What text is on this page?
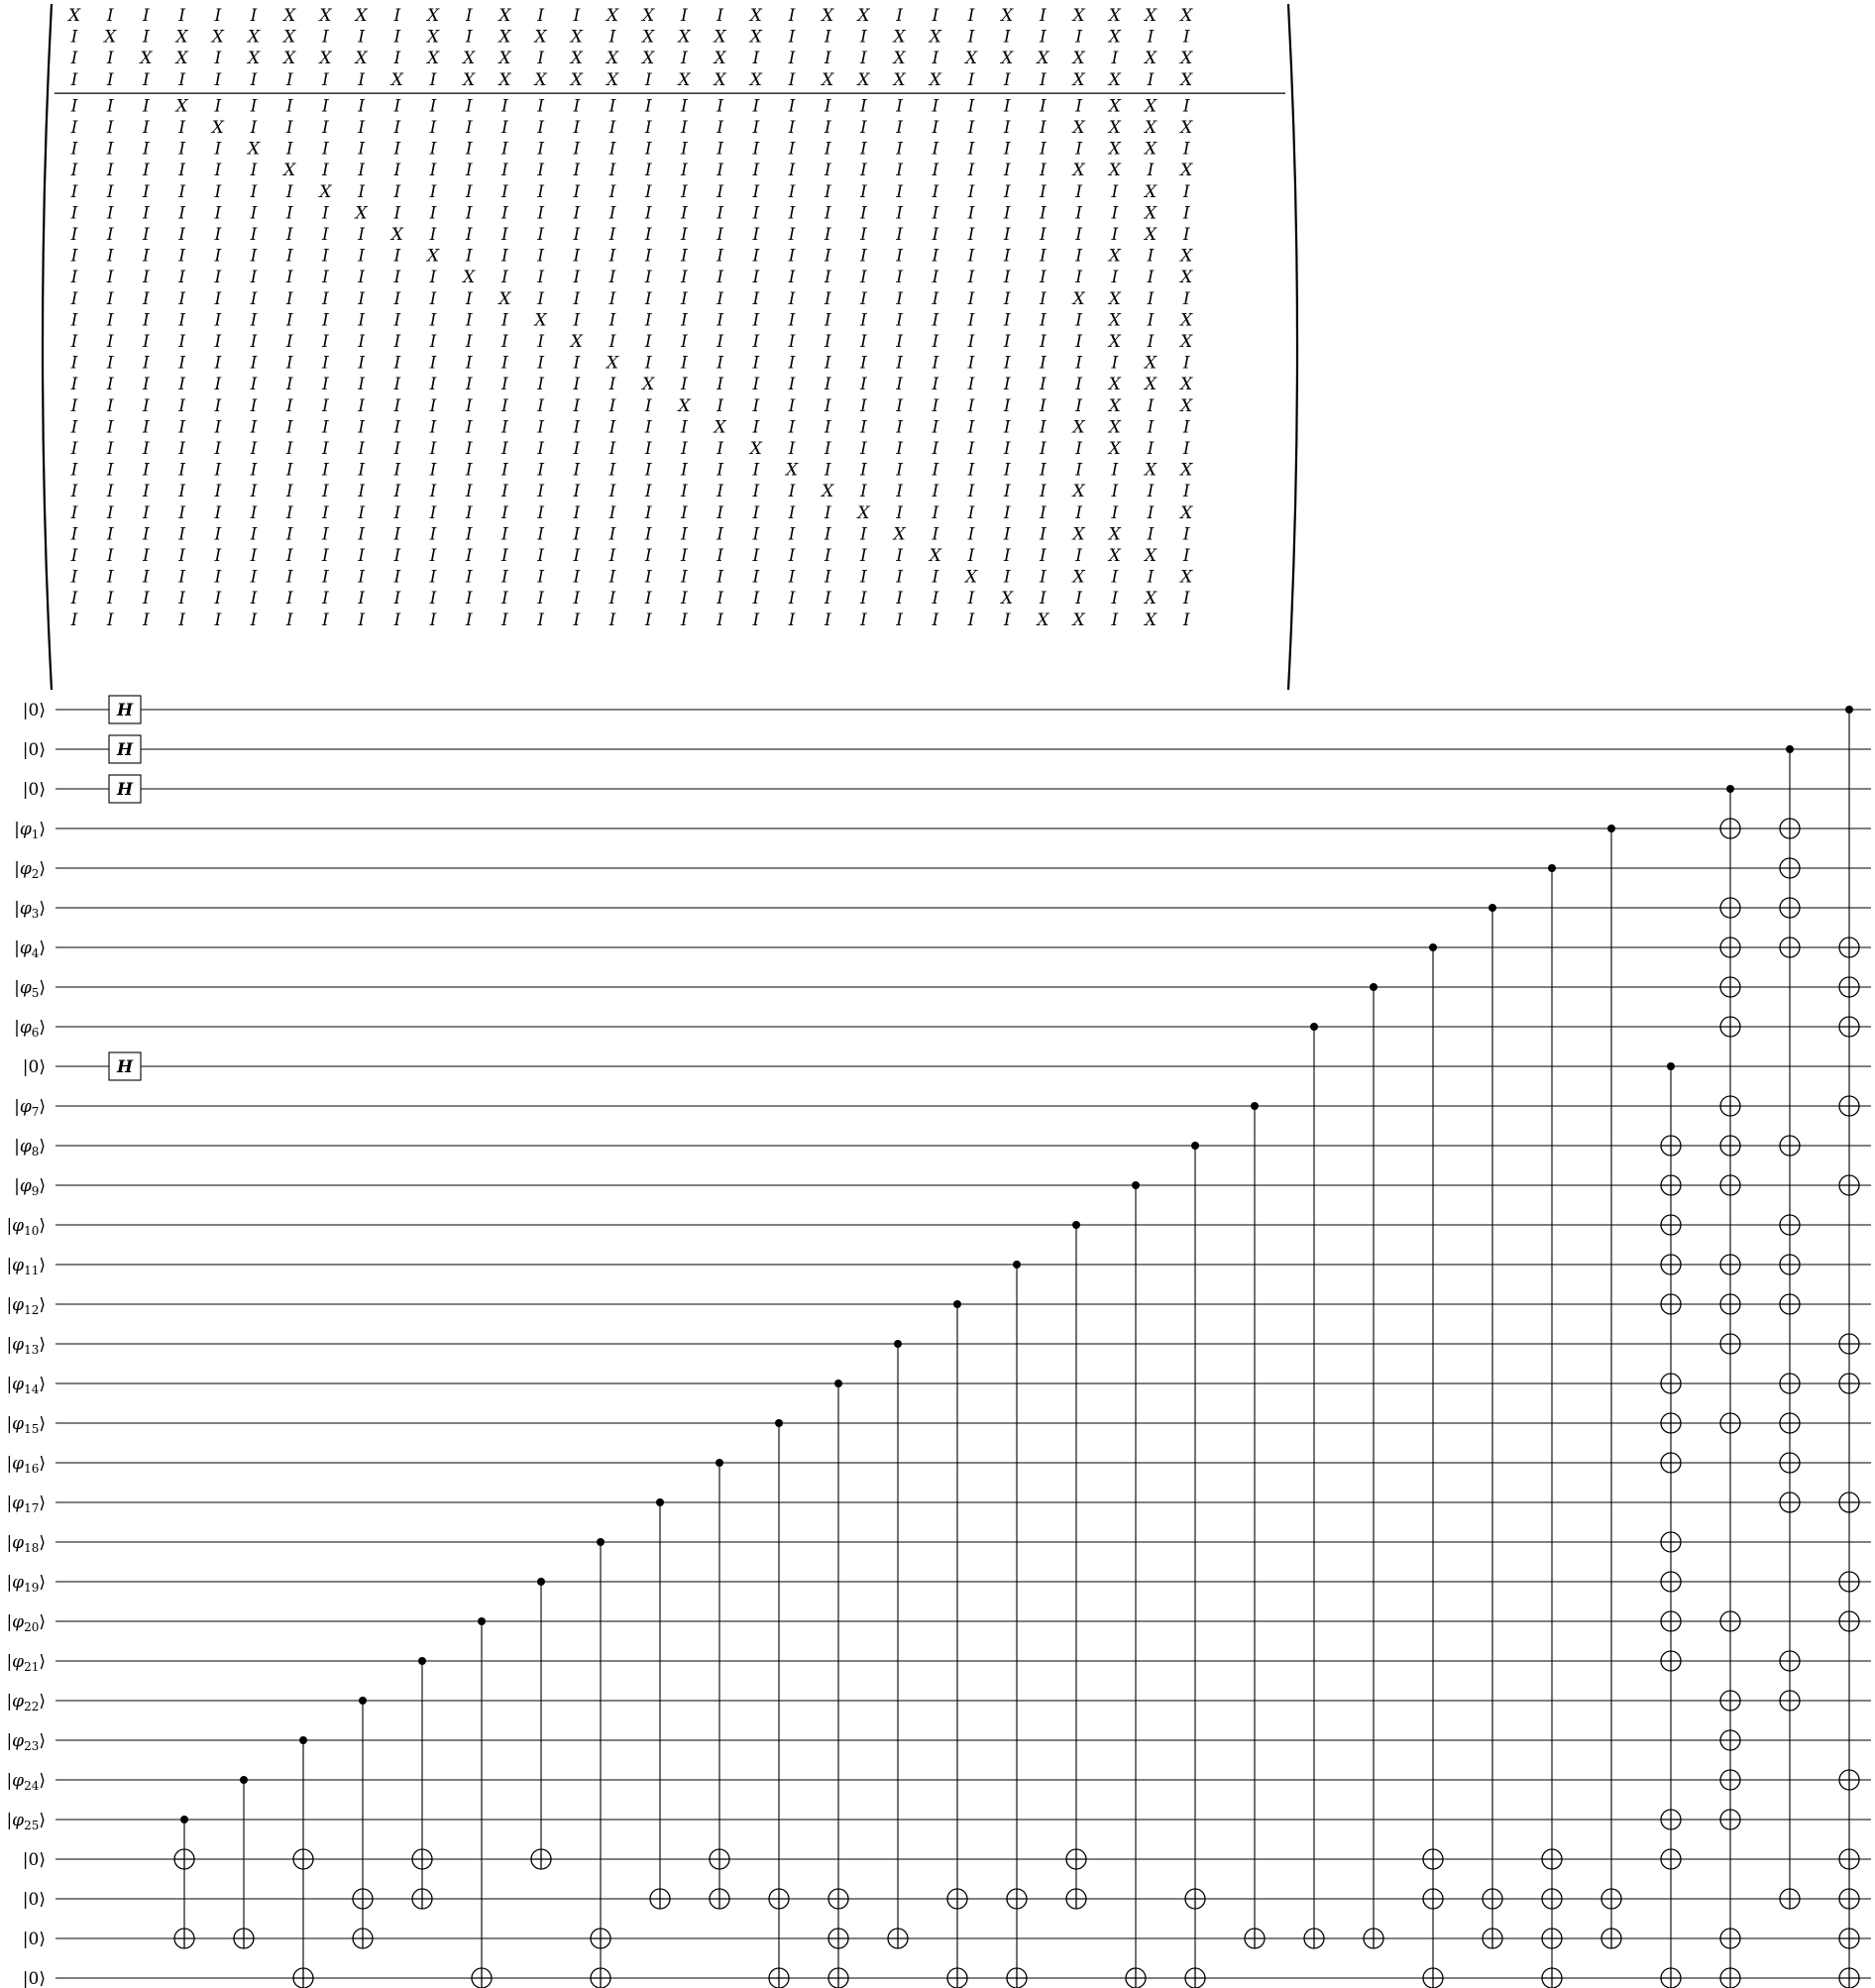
X I I I I I X X X I X I X I I X X I I X I X X I I I X I X X X X
I X I X X X X I I I X I X X X I X X X X I I I X X I I I I X I I
I I X X I X X X X I X X X I X X X I X I I I I X I X X X X I X X
I I I I I I I I I X I X X X X X I X X X I X X X X I I I X X I X
I I I X I I I I I I I I I I I I I I I I I I I I I I I I I X X I
I I I I X I I I I I I I I I I I I I I I I I I I I I I I X X X X
I I I I I X I I I I I I I I I I I I I I I I I I I I I I I X X I
I I I I I I X I I I I I I I I I I I I I I I I I I I I I X X I X
I I I I I I I X I I I I I I I I I I I I I I I I I I I I I I X I
I I I I I I I I X I I I I I I I I I I I I I I I I I I I I I X I
I I I I I I I I I X I I I I I I I I I I I I I I I I I I I I X I
I I I I I I I I I I X I I I I I I I I I I I I I I I I I I X I X
I I I I I I I I I I I X I I I I I I I I I I I I I I I I I I I X
I I I I I I I I I I I I X I I I I I I I I I I I I I I I X X I I
I I I I I I I I I I I I I X I I I I I I I I I I I I I I I X I X
I I I I I I I I I I I I I I X I I I I I I I I I I I I I I X I X
I I I I I I I I I I I I I I I X I I I I I I I I I I I I I I X I
I I I I I I I I I I I I I I I I X I I I I I I I I I I I I X X X
I I I I I I I I I I I I I I I I I X I I I I I I I I I I I X I X
I I I I I I I I I I I I I I I I I I X I I I I I I I I I X X I I
I I I I I I I I I I I I I I I I I I I X I I I I I I I I I X I I
I I I I I I I I I I I I I I I I I I I I X I I I I I I I I I X X
I I I I I I I I I I I I I I I I I I I I I X I I I I I I X I I I
I I I I I I I I I I I I I I I I I I I I I I X I I I I I I I I X
I I I I I I I I I I I I I I I I I I I I I I I X I I I I X X I I
I I I I I I I I I I I I I I I I I I I I I I I I X I I I I X X I
I I I I I I I I I I I I I I I I I I I I I I I I I X I I X I I X
I I I I I I I I I I I I I I I I I I I I I I I I I I X I I I X I
I I I I I I I I I I I I I I I I I I I I I I I I I I I X X I X I
H
H
H
H
|0⟩
|0⟩
|0⟩
$|\varphi_1⟩$
$|\varphi_2⟩$
$|\varphi_3⟩$
$|\varphi_4⟩$
$|\varphi_5⟩$
$|\varphi_6⟩$
|0⟩
$|\varphi_7⟩$
$|\varphi_8⟩$
$|\varphi_9⟩$
$|\varphi_{10}⟩$
$|\varphi_{11}⟩$
$|\varphi_{12}⟩$
$|\varphi_{13}⟩$
$|\varphi_{14}⟩$
$|\varphi_{15}⟩$
$|\varphi_{16}⟩$
$|\varphi_{17}⟩$
$|\varphi_{18}⟩$
$|\varphi_{19}⟩$
$|\varphi_{20}⟩$
$|\varphi_{21}⟩$
$|\varphi_{22}⟩$
$|\varphi_{23}⟩$
$|\varphi_{24}⟩$
$|\varphi_{25}⟩$
|0⟩
|0⟩
|0⟩
|0⟩
